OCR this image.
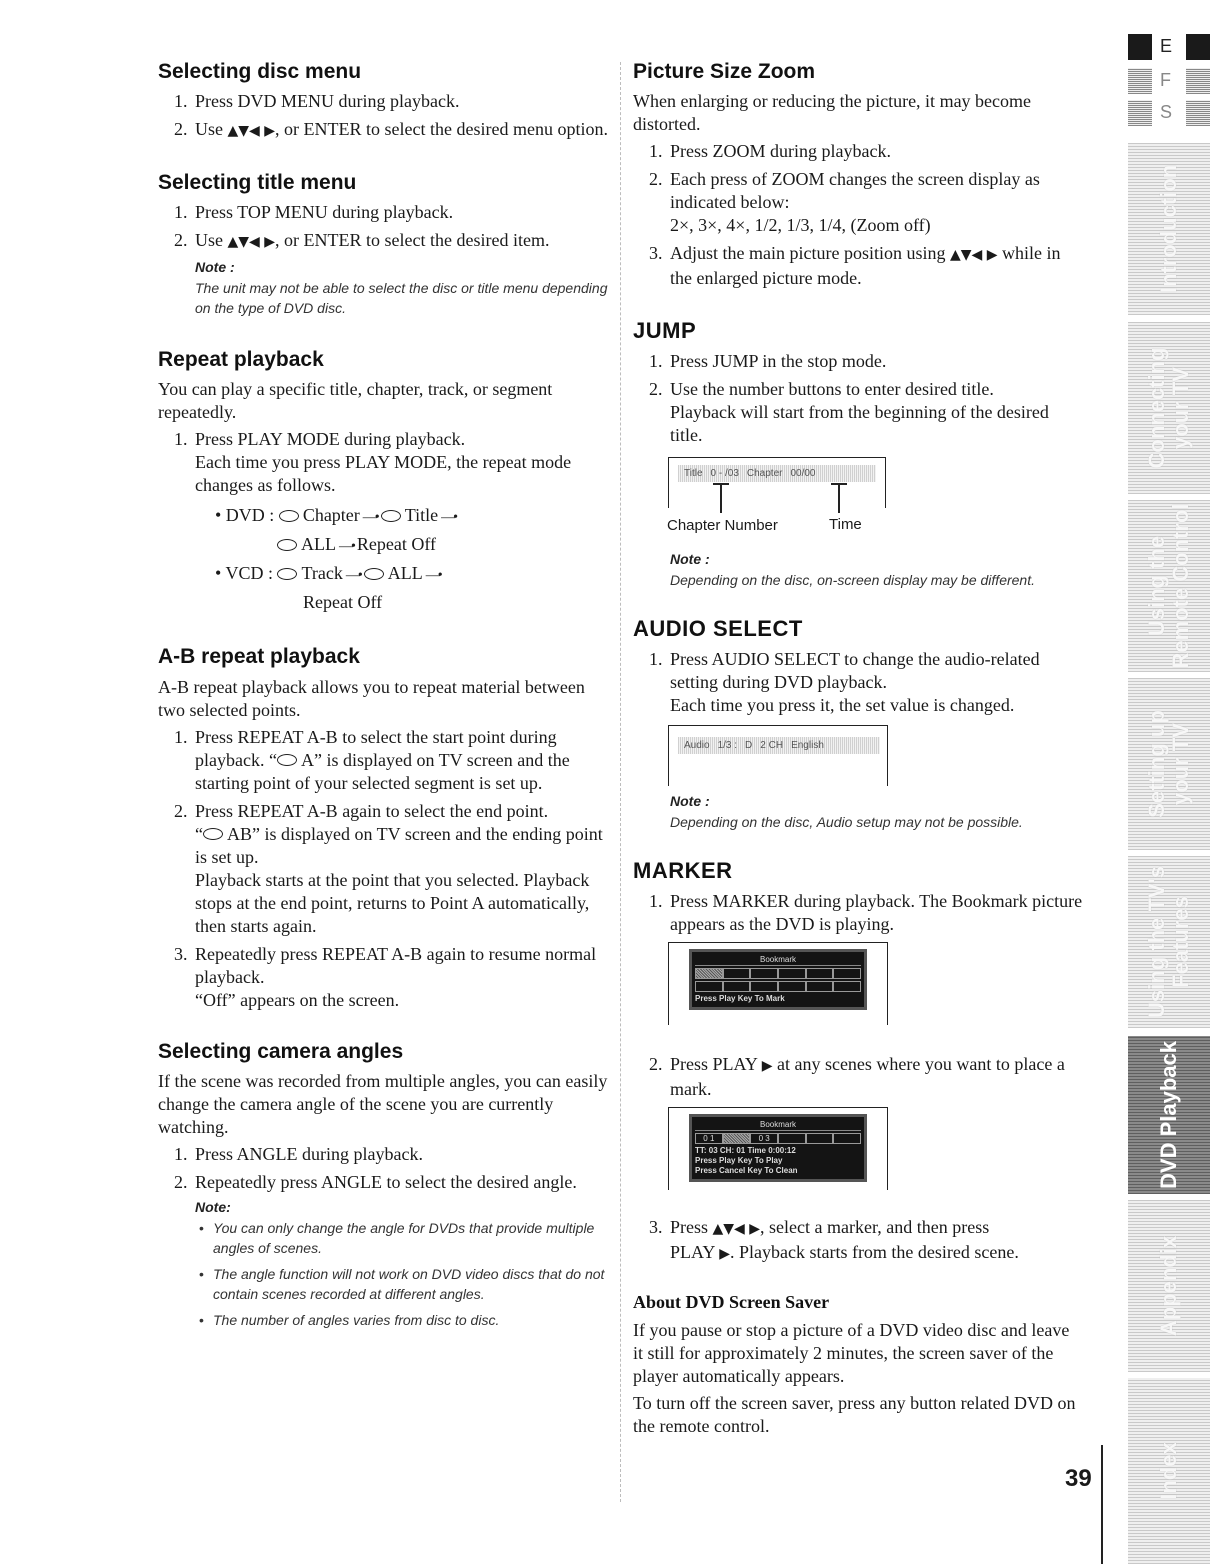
Selecting disc menu
1. Press DVD MENU during playback.
2. Use ▲▼◀ ▶, or ENTER to select the desired menu option.
Selecting title menu
1. Press TOP MENU during playback.
2. Use ▲▼◀ ▶, or ENTER to select the desired item.
Note :
The unit may not be able to select the disc or title menu depending on the type of DVD disc.
Repeat playback

You can play a specific title, chapter, track, or segment repeatedly.

1. Press PLAY MODE during playback.
Each time you press PLAY MODE, the repeat mode changes as follows.
• DVD : Chapter —• Title —•
ALL —• Repeat Off
• VCD : Track —• ALL —•
Repeat Off
A-B repeat playback

A-B repeat playback allows you to repeat material between two selected points.

1. Press REPEAT A-B to select the start point during playback. “ A” is displayed on TV screen and the starting point of your selected segment is set up.
2. Press REPEAT A-B again to select the end point.
“ AB” is displayed on TV screen and the ending point is set up.
Playback starts at the point that you selected. Playback stops at the end point, returns to Point A automatically, then starts again.
3. Repeatedly press REPEAT A-B again to resume normal playback.
“Off” appears on the screen.
Selecting camera angles

If the scene was recorded from multiple angles, you can easily change the camera angle of the scene you are currently watching.

1. Press ANGLE during playback.
2. Repeatedly press ANGLE to select the desired angle.
Note:
• You can only change the angle for DVDs that provide multiple angles of scenes.
• The angle function will not work on DVD video discs that do not contain scenes recorded at different angles.
• The number of angles varies from disc to disc.
Picture Size Zoom

When enlarging or reducing the picture, it may become distorted.

1. Press ZOOM during playback.
2. Each press of ZOOM changes the screen display as indicated below:
2×, 3×, 4×, 1/2, 1/3, 1/4, (Zoom off)
3. Adjust the main picture position using ▲▼◀ ▶ while in the enlarged picture mode.
JUMP
1. Press JUMP in the stop mode.
2. Use the number buttons to enter desired title.
Playback will start from the beginning of the desired title.
Title 0 - /03 Chapter 00/00
Chapter Number	Time
Note :
Depending on the disc, on-screen display may be different.
AUDIO SELECT
1. Press AUDIO SELECT to change the audio-related setting during DVD playback.
Each time you press it, the set value is changed.
Audio 1/3 : D 2 CH English
Note :
Depending on the disc, Audio setup may not be possible.
MARKER
1. Press MARKER during playback. The Bookmark picture appears as the DVD is playing.
Bookmark
Press Play Key To Mark
2. Press PLAY ▶ at any scenes where you want to place a mark.
Bookmark
0 1	0 3
TT: 03 CH: 01 Time 0:00:12
Press Play Key To Play
Press Cancel Key To Clean
3. Press ▲▼◀ ▶, select a marker, and then press
PLAY ▶. Playback starts from the desired scene.
About DVD Screen Saver

If you pause or stop a picture of a DVD video disc and leave it still for approximately 2 minutes, the screen saver of the player automatically appears.

To turn off the screen saver, press any button related DVD on the remote control.

39
E
F
S
Introduction
Connecting
your TV
Using the
Remote Control
Setting up
your TV
Using the TV's
Features
DVD Playback
Appendix
Index
